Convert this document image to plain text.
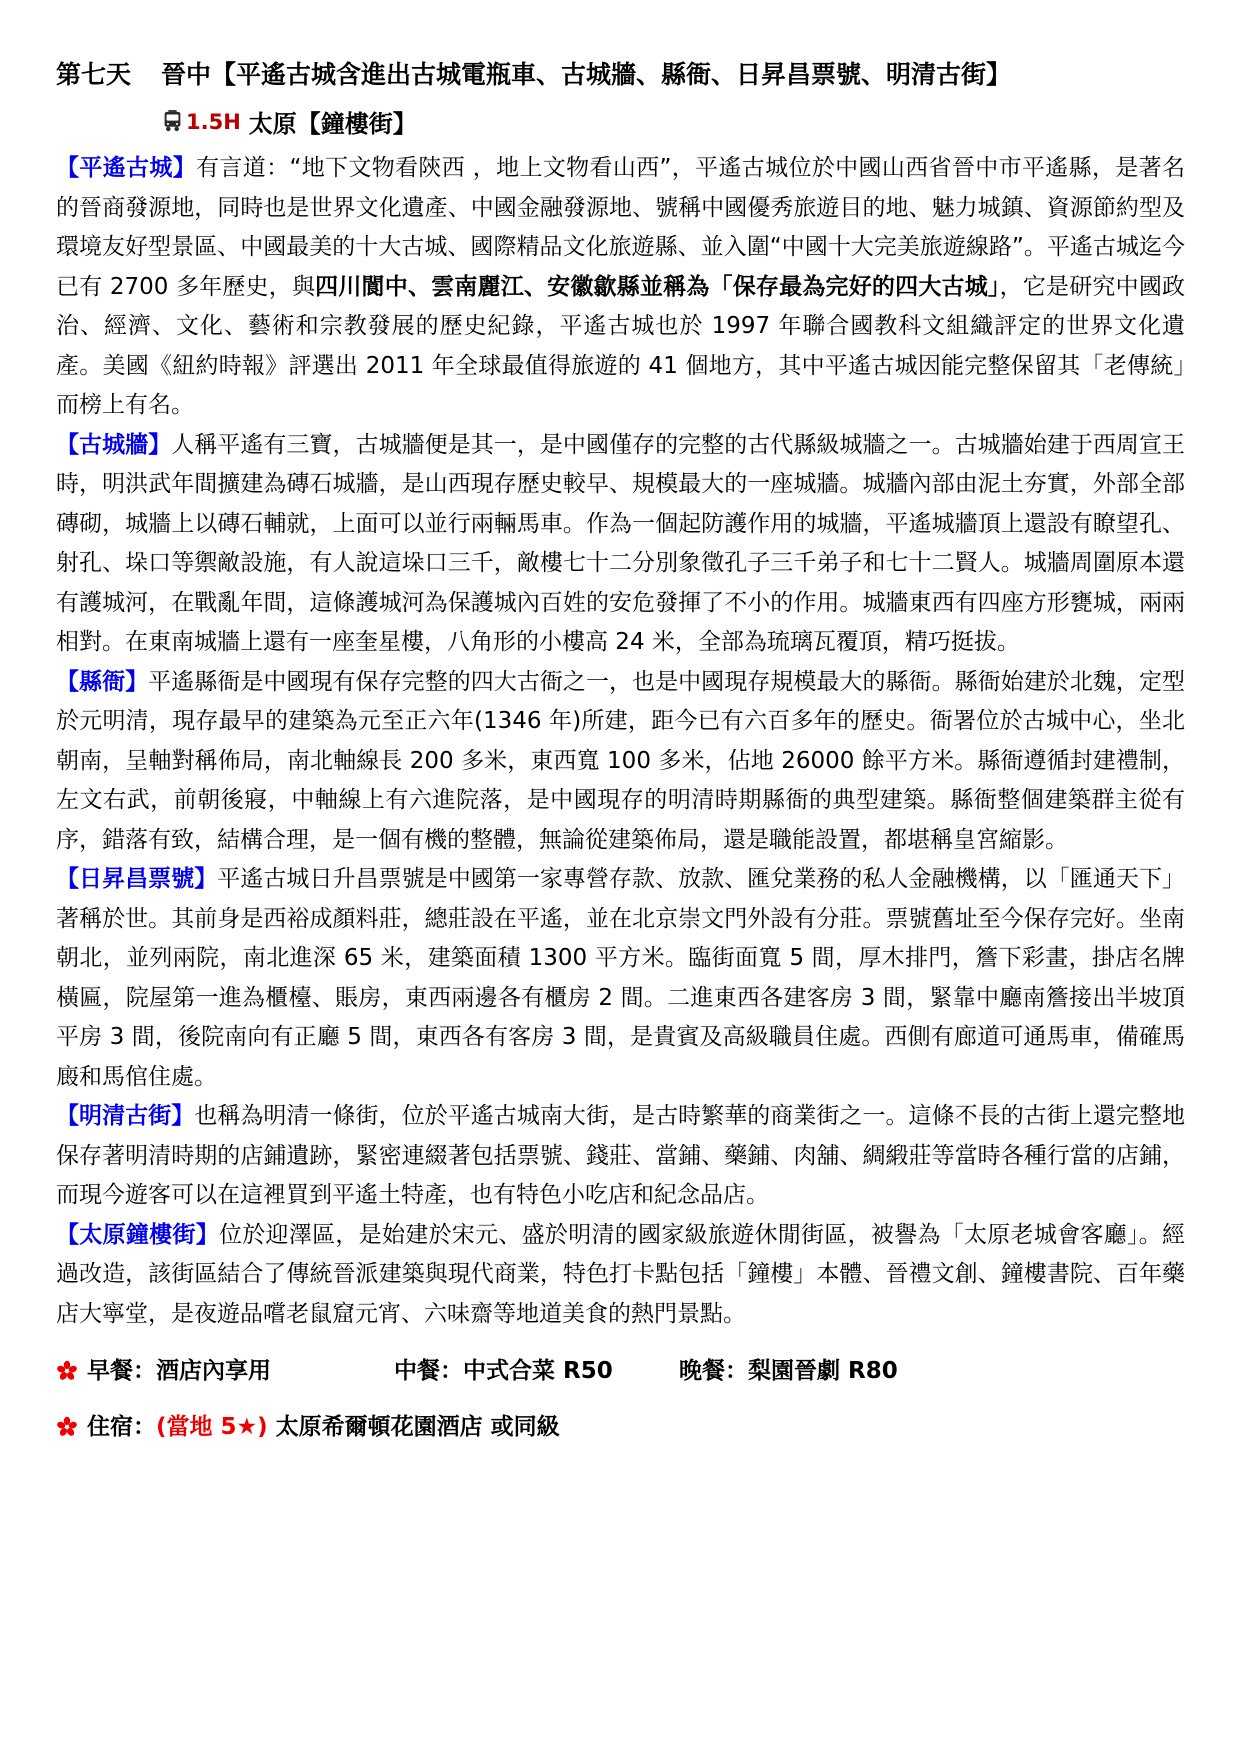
第七天 晉中【平遙古城含進出古城電瓶車、古城牆、縣衙、日昇昌票號、明清古街】
1.5H 太原【鐘樓街】

【平遙古城】有言道：“地下文物看陝西 ，地上文物看山西”，平遙古城位於中國山西省晉中市平遙縣，是著名的晉商發源地，同時也是世界文化遺產、中國金融發源地、號稱中國優秀旅遊目的地、魅力城鎮、資源節約型及環境友好型景區、中國最美的十大古城、國際精品文化旅遊縣、並入圍“中國十大完美旅遊線路”。平遙古城迄今已有 2700 多年歷史，與四川閬中、雲南麗江、安徽歙縣並稱為「保存最為完好的四大古城」，它是研究中國政治、經濟、文化、藝術和宗教發展的歷史紀錄，平遙古城也於 1997 年聯合國教科文組織評定的世界文化遺產。美國《紐約時報》評選出 2011 年全球最值得旅遊的 41 個地方，其中平遙古城因能完整保留其「老傳統」而榜上有名。

【古城牆】人稱平遙有三寶，古城牆便是其一，是中國僅存的完整的古代縣級城牆之一。古城牆始建于西周宣王時，明洪武年間擴建為磚石城牆，是山西現存歷史較早、規模最大的一座城牆。城牆內部由泥土夯實，外部全部磚砌，城牆上以磚石輔就，上面可以並行兩輛馬車。作為一個起防護作用的城牆，平遙城牆頂上還設有瞭望孔、射孔、垛口等禦敵設施，有人說這垛口三千，敵樓七十二分別象徵孔子三千弟子和七十二賢人。城牆周圍原本還有護城河，在戰亂年間，這條護城河為保護城內百姓的安危發揮了不小的作用。城牆東西有四座方形甕城，兩兩相對。在東南城牆上還有一座奎星樓，八角形的小樓高 24 米，全部為琉璃瓦覆頂，精巧挺拔。

【縣衙】平遙縣衙是中國現有保存完整的四大古衙之一，也是中國現存規模最大的縣衙。縣衙始建於北魏，定型於元明清，現存最早的建築為元至正六年(1346 年)所建，距今已有六百多年的歷史。衙署位於古城中心，坐北朝南，呈軸對稱佈局，南北軸線長 200 多米，東西寬 100 多米，佔地 26000 餘平方米。縣衙遵循封建禮制，左文右武，前朝後寢，中軸線上有六進院落，是中國現存的明清時期縣衙的典型建築。縣衙整個建築群主從有序，錯落有致，結構合理，是一個有機的整體，無論從建築佈局，還是職能設置，都堪稱皇宮縮影。

【日昇昌票號】平遙古城日升昌票號是中國第一家專營存款、放款、匯兌業務的私人金融機構，以「匯通天下」著稱於世。其前身是西裕成顏料莊，總莊設在平遙，並在北京崇文門外設有分莊。票號舊址至今保存完好。坐南朝北，並列兩院，南北進深 65 米，建築面積 1300 平方米。臨街面寬 5 間，厚木排門，簷下彩畫，掛店名牌橫匾，院屋第一進為櫃檯、賬房，東西兩邊各有櫃房 2 間。二進東西各建客房 3 間，緊靠中廳南簷接出半坡頂平房 3 間，後院南向有正廳 5 間，東西各有客房 3 間，是貴賓及高級職員住處。西側有廊道可通馬車，備確馬廄和馬倌住處。

【明清古街】也稱為明清一條街，位於平遙古城南大街，是古時繁華的商業街之一。這條不長的古街上還完整地保存著明清時期的店鋪遺跡，緊密連綴著包括票號、錢莊、當鋪、藥鋪、肉舖、綢緞莊等當時各種行當的店鋪，而現今遊客可以在這裡買到平遙土特產，也有特色小吃店和紀念品店。

【太原鐘樓街】位於迎澤區，是始建於宋元、盛於明清的國家級旅遊休閒街區，被譽為「太原老城會客廳」。經過改造，該街區結合了傳統晉派建築與現代商業，特色打卡點包括「鐘樓」本體、晉禮文創、鐘樓書院、百年藥店大寧堂，是夜遊品嚐老鼠窟元宵、六味齋等地道美食的熱門景點。

早餐：酒店內享用	中餐：中式合菜 R50	晚餐：梨園晉劇 R80
住宿： (當地 5★) 太原希爾頓花園酒店 或同級
